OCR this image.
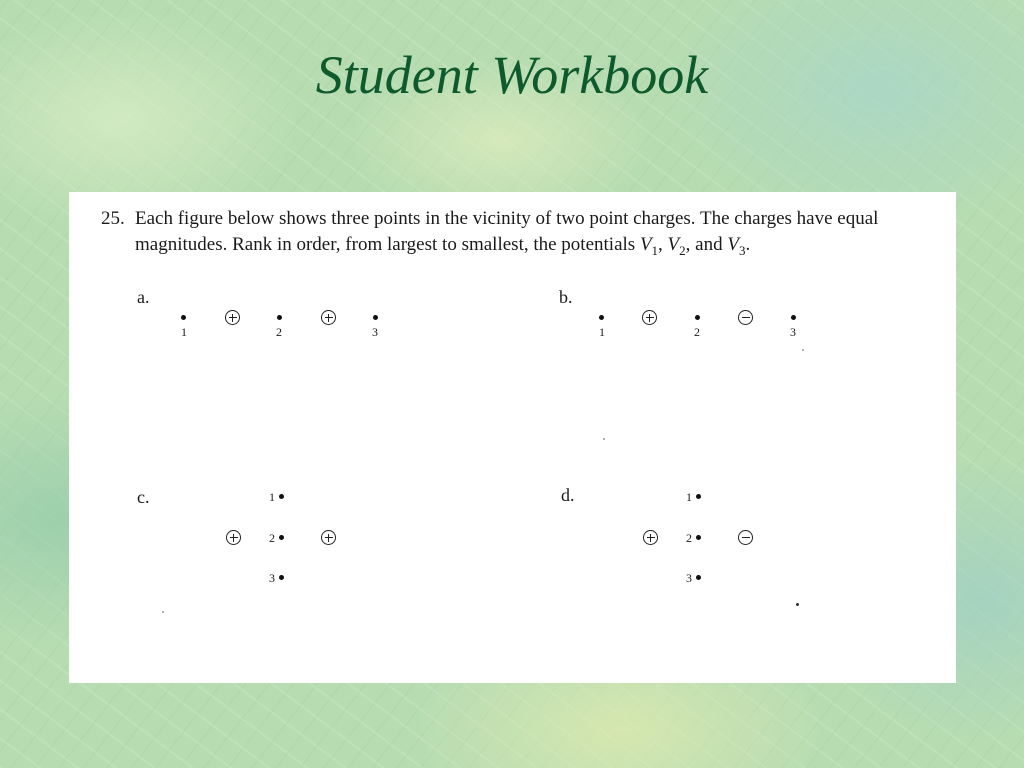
Student Workbook
25. Each figure below shows three points in the vicinity of two point charges. The charges have equal magnitudes. Rank in order, from largest to smallest, the potentials $V_1$, $V_2$, and $V_3$.
a.
1	2	3
b.
1	2	3
c.	1
2
3
d.	1
2
3
